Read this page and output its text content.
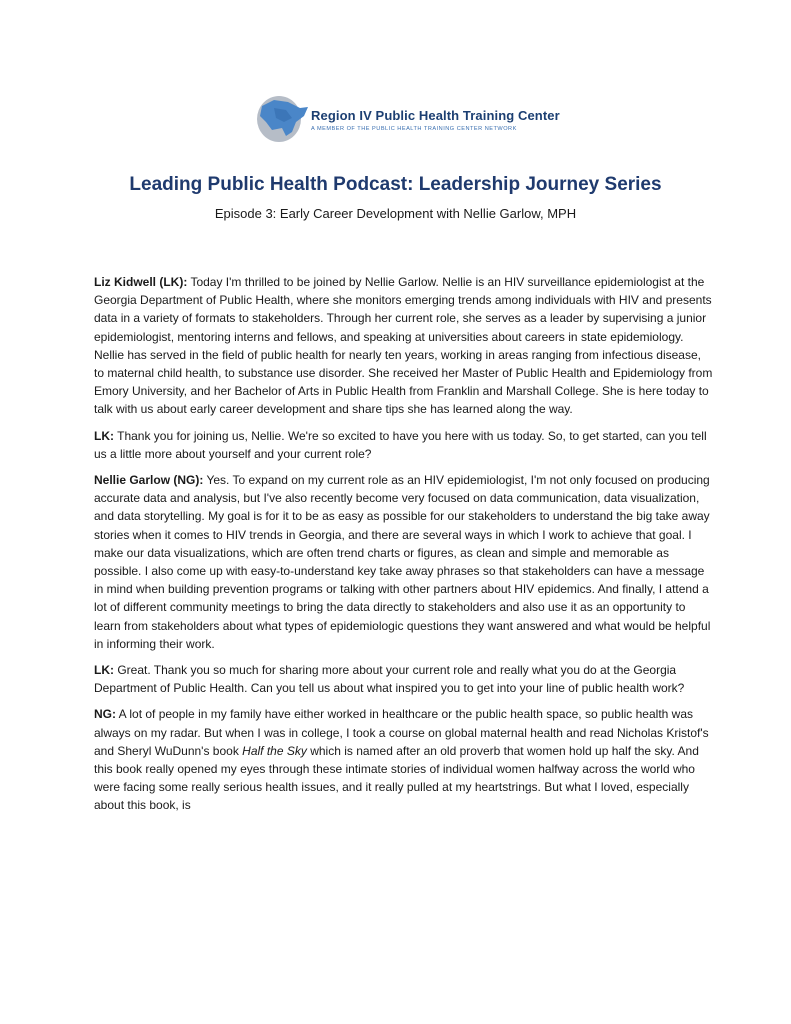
Region IV Public Health Training Center
A MEMBER OF THE PUBLIC HEALTH TRAINING CENTER NETWORK
Leading Public Health Podcast: Leadership Journey Series

Episode 3: Early Career Development with Nellie Garlow, MPH

Liz Kidwell (LK): Today I'm thrilled to be joined by Nellie Garlow. Nellie is an HIV surveillance epidemiologist at the Georgia Department of Public Health, where she monitors emerging trends among individuals with HIV and presents data in a variety of formats to stakeholders. Through her current role, she serves as a leader by supervising a junior epidemiologist, mentoring interns and fellows, and speaking at universities about careers in state epidemiology. Nellie has served in the field of public health for nearly ten years, working in areas ranging from infectious disease, to maternal child health, to substance use disorder. She received her Master of Public Health and Epidemiology from Emory University, and her Bachelor of Arts in Public Health from Franklin and Marshall College. She is here today to talk with us about early career development and share tips she has learned along the way.

LK: Thank you for joining us, Nellie. We're so excited to have you here with us today. So, to get started, can you tell us a little more about yourself and your current role?

Nellie Garlow (NG): Yes. To expand on my current role as an HIV epidemiologist, I'm not only focused on producing accurate data and analysis, but I've also recently become very focused on data communication, data visualization, and data storytelling. My goal is for it to be as easy as possible for our stakeholders to understand the big take away stories when it comes to HIV trends in Georgia, and there are several ways in which I work to achieve that goal. I make our data visualizations, which are often trend charts or figures, as clean and simple and memorable as possible. I also come up with easy-to-understand key take away phrases so that stakeholders can have a message in mind when building prevention programs or talking with other partners about HIV epidemics. And finally, I attend a lot of different community meetings to bring the data directly to stakeholders and also use it as an opportunity to learn from stakeholders about what types of epidemiologic questions they want answered and what would be helpful in informing their work.

LK: Great. Thank you so much for sharing more about your current role and really what you do at the Georgia Department of Public Health. Can you tell us about what inspired you to get into your line of public health work?

NG: A lot of people in my family have either worked in healthcare or the public health space, so public health was always on my radar. But when I was in college, I took a course on global maternal health and read Nicholas Kristof's and Sheryl WuDunn's book Half the Sky which is named after an old proverb that women hold up half the sky. And this book really opened my eyes through these intimate stories of individual women halfway across the world who were facing some really serious health issues, and it really pulled at my heartstrings. But what I loved, especially about this book, is
